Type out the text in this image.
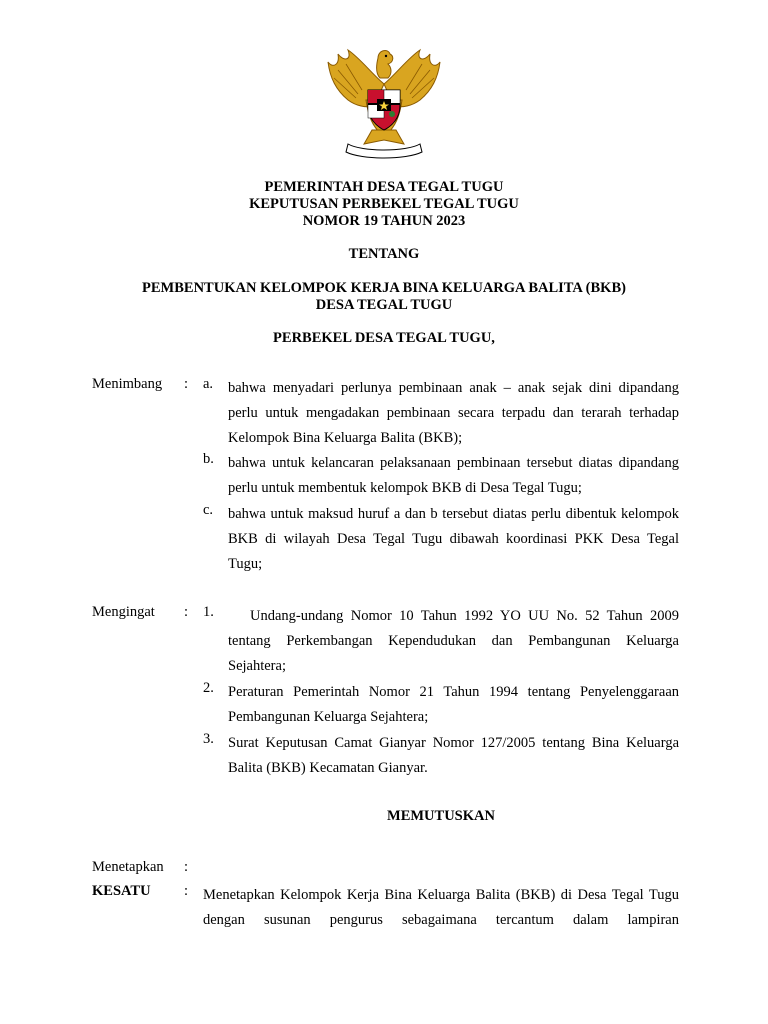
PEMERINTAH DESA TEGAL TUGU
KEPUTUSAN PERBEKEL TEGAL TUGU
NOMOR 19 TAHUN 2023
TENTANG
PEMBENTUKAN KELOMPOK KERJA BINA KELUARGA BALITA (BKB)
DESA TEGAL TUGU
PERBEKEL DESA TEGAL TUGU,
Menimbang : a. bahwa menyadari perlunya pembinaan anak – anak sejak dini dipandang perlu untuk mengadakan pembinaan secara terpadu dan terarah terhadap Kelompok Bina Keluarga Balita (BKB);
b. bahwa untuk kelancaran pelaksanaan pembinaan tersebut diatas dipandang perlu untuk membentuk kelompok BKB di Desa Tegal Tugu;
c. bahwa untuk maksud huruf a dan b tersebut diatas perlu dibentuk kelompok BKB di wilayah Desa Tegal Tugu dibawah koordinasi PKK Desa Tegal Tugu;
Mengingat : 1.	Undang-undang Nomor 10 Tahun 1992 YO UU No. 52 Tahun 2009 tentang Perkembangan Kependudukan dan Pembangunan Keluarga Sejahtera;
2. Peraturan Pemerintah Nomor 21 Tahun 1994 tentang Penyelenggaraan Pembangunan Keluarga Sejahtera;
3. Surat Keputusan Camat Gianyar Nomor 127/2005 tentang Bina Keluarga Balita (BKB) Kecamatan Gianyar.
MEMUTUSKAN
Menetapkan :
KESATU : Menetapkan Kelompok Kerja Bina Keluarga Balita (BKB) di Desa Tegal Tugu dengan susunan pengurus sebagaimana tercantum dalam lampiran
